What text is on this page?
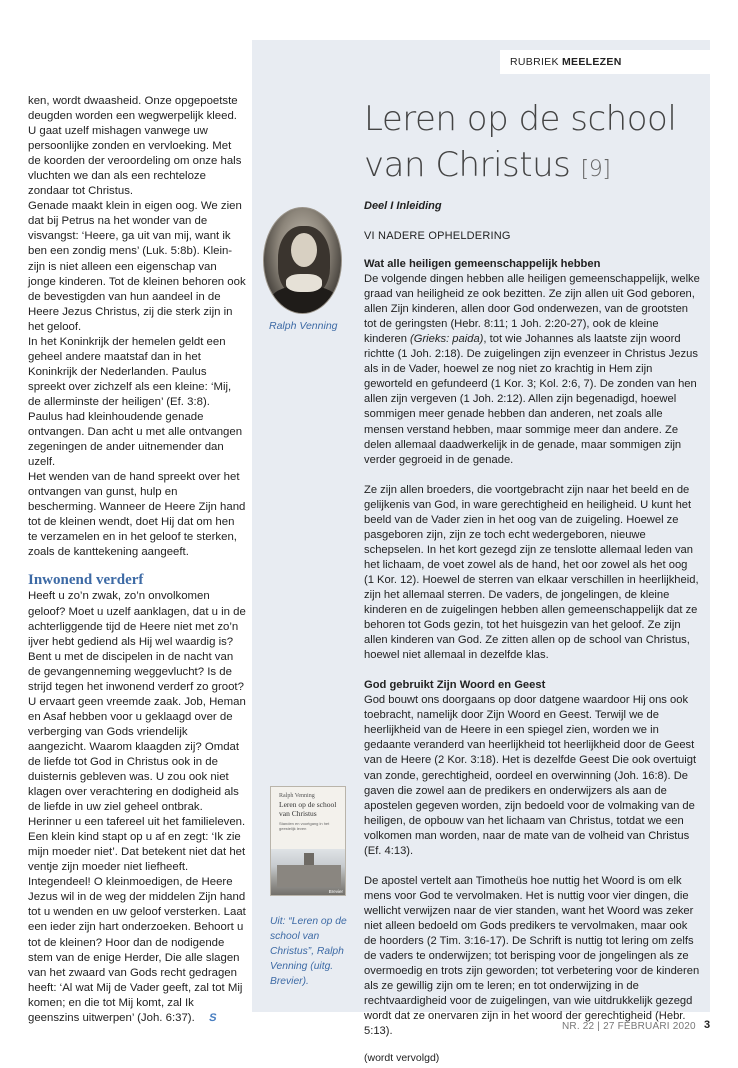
RUBRIEK MEELEZEN

ken, wordt dwaasheid. Onze opgepoetste deugden worden een wegwerpelijk kleed. U gaat uzelf mishagen vanwege uw persoonlijke zonden en vervloeking. Met de koorden der veroordeling om onze hals vluchten we dan als een rechteloze zondaar tot Christus.

Genade maakt klein in eigen oog. We zien dat bij Petrus na het wonder van de visvangst: ‘Heere, ga uit van mij, want ik ben een zondig mens’ (Luk. 5:8b). Klein-zijn is niet alleen een eigenschap van jonge kinderen. Tot de kleinen behoren ook de bevestigden van hun aandeel in de Heere Jezus Christus, zij die sterk zijn in het geloof.

In het Koninkrijk der hemelen geldt een geheel andere maatstaf dan in het Koninkrijk der Nederlanden. Paulus spreekt over zichzelf als een kleine: ‘Mij, de allerminste der heiligen’ (Ef. 3:8). Paulus had kleinhoudende genade ontvangen. Dan acht u met alle ontvangen zegeningen de ander uitnemender dan uzelf.

Het wenden van de hand spreekt over het ontvangen van gunst, hulp en bescherming. Wanneer de Heere Zijn hand tot de kleinen wendt, doet Hij dat om hen te verzamelen en in het geloof te sterken, zoals de kanttekening aangeeft.

Inwonend verderf

Heeft u zo’n zwak, zo’n onvolkomen geloof? Moet u uzelf aanklagen, dat u in de achterliggende tijd de Heere niet met zo’n ijver hebt gediend als Hij wel waardig is? Bent u met de discipelen in de nacht van de gevangenneming weggevlucht? Is de strijd tegen het inwonend verderf zo groot?

U ervaart geen vreemde zaak. Job, Heman en Asaf hebben voor u geklaagd over de verberging van Gods vriendelijk aangezicht. Waarom klaagden zij? Omdat de liefde tot God in Christus ook in de duisternis gebleven was. U zou ook niet klagen over verachtering en dodigheid als de liefde in uw ziel geheel ontbrak.

Herinner u een tafereel uit het familieleven. Een klein kind stapt op u af en zegt: ‘Ik zie mijn moeder niet’. Dat betekent niet dat het ventje zijn moeder niet liefheeft. Integendeel! O kleinmoedigen, de Heere Jezus wil in de weg der middelen Zijn hand tot u wenden en uw geloof versterken. Laat een ieder zijn hart onderzoeken. Behoort u tot de kleinen? Hoor dan de nodigende stem van de enige Herder, Die alle slagen van het zwaard van Gods recht gedragen heeft: ‘Al wat Mij de Vader geeft, zal tot Mij komen; en die tot Mij komt, zal Ik geenszins uitwerpen’ (Joh. 6:37). S

Leren op de school
van Christus [9]
Ralph Venning
Deel I Inleiding
VI NADERE OPHELDERING
Wat alle heiligen gemeenschappelijk hebben

De volgende dingen hebben alle heiligen gemeenschappelijk, welke graad van heiligheid ze ook bezitten. Ze zijn allen uit God geboren, allen Zijn kinderen, allen door God onderwezen, van de grootsten tot de geringsten (Hebr. 8:11; 1 Joh. 2:20-27), ook de kleine kinderen (Grieks: paida), tot wie Johannes als laatste zijn woord richtte (1 Joh. 2:18). De zuigelingen zijn evenzeer in Christus Jezus als in de Vader, hoewel ze nog niet zo krachtig in Hem zijn geworteld en gefundeerd (1 Kor. 3; Kol. 2:6, 7). De zonden van hen allen zijn vergeven (1 Joh. 2:12). Allen zijn begenadigd, hoewel sommigen meer genade hebben dan anderen, net zoals alle mensen verstand hebben, maar sommige meer dan andere. Ze delen allemaal daadwerkelijk in de genade, maar sommigen zijn verder gegroeid in de genade.

Ze zijn allen broeders, die voortgebracht zijn naar het beeld en de gelijkenis van God, in ware gerechtigheid en heiligheid. U kunt het beeld van de Vader zien in het oog van de zuigeling. Hoewel ze pasgeboren zijn, zijn ze toch echt wedergeboren, nieuwe schepselen. In het kort gezegd zijn ze tenslotte allemaal leden van het lichaam, de voet zowel als de hand, het oor zowel als het oog (1 Kor. 12). Hoewel de sterren van elkaar verschillen in heerlijkheid, zijn het allemaal sterren. De vaders, de jongelingen, de kleine kinderen en de zuigelingen hebben allen gemeenschappelijk dat ze behoren tot Gods gezin, tot het huisgezin van het geloof. Ze zijn allen kinderen van God. Ze zitten allen op de school van Christus, hoewel niet allemaal in dezelfde klas.

God gebruikt Zijn Woord en Geest

God bouwt ons doorgaans op door datgene waardoor Hij ons ook toebracht, namelijk door Zijn Woord en Geest. Terwijl we de heerlijkheid van de Heere in een spiegel zien, worden we in gedaante veranderd van heerlijkheid tot heerlijkheid door de Geest van de Heere (2 Kor. 3:18). Het is dezelfde Geest Die ook overtuigt van zonde, gerechtigheid, oordeel en overwinning (Joh. 16:8). De gaven die zowel aan de predikers en onderwijzers als aan de apostelen gegeven worden, zijn bedoeld voor de volmaking van de heiligen, de opbouw van het lichaam van Christus, totdat we een volkomen man worden, naar de mate van de volheid van Christus (Ef. 4:13).

De apostel vertelt aan Timotheüs hoe nuttig het Woord is om elk mens voor God te vervolmaken. Het is nuttig voor vier dingen, die wellicht verwijzen naar de vier standen, want het Woord was zeker niet alleen bedoeld om Gods predikers te vervolmaken, maar ook de hoorders (2 Tim. 3:16-17). De Schrift is nuttig tot lering om zelfs de vaders te onderwijzen; tot berisping voor de jongelingen als ze overmoedig en trots zijn geworden; tot verbetering voor de kinderen als ze gewillig zijn om te leren; en tot onderwijzing in de rechtvaardigheid voor de zuigelingen, van wie uitdrukkelijk gezegd wordt dat ze onervaren zijn in het woord der gerechtigheid (Hebr. 5:13).

(wordt vervolgd)

Ralph Venning
Leren op de school van Christus
Standen en voortgang in het geestelijk leven
Brevier
Uit: “Leren op de school van Christus”, Ralph Venning (uitg. Brevier).
NR. 22 | 27 FEBRUARI 2020 3
